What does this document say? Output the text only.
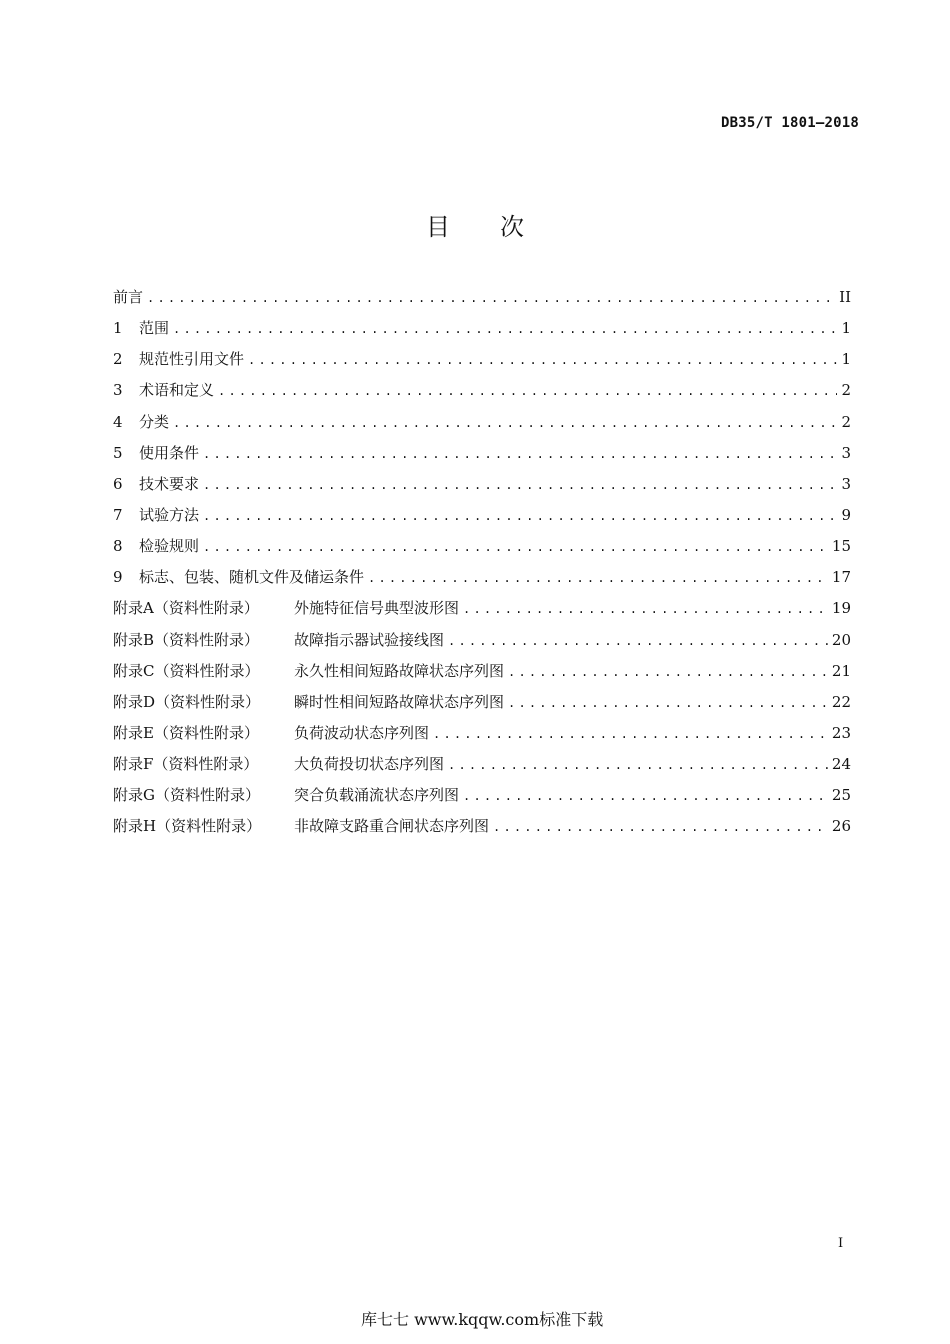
DB35/T 1801—2018
目次
前言 .....	II
1	范围 .....	1
2	规范性引用文件 .....	1
3	术语和定义 .....	2
4	分类 .....	2
5	使用条件 .....	3
6	技术要求 .....	3
7	试验方法 .....	9
8	检验规则 .....	15
9	标志、包装、随机文件及储运条件 .....	17
附录A（资料性附录）	外施特征信号典型波形图 .....	19
附录B（资料性附录）	故障指示器试验接线图 .....	20
附录C（资料性附录）	永久性相间短路故障状态序列图 .....	21
附录D（资料性附录）	瞬时性相间短路故障状态序列图 .....	22
附录E（资料性附录）	负荷波动状态序列图 .....	23
附录F（资料性附录）	大负荷投切状态序列图 .....	24
附录G（资料性附录）	突合负载涌流状态序列图 .....	25
附录H（资料性附录）	非故障支路重合闸状态序列图 .....	26
I
库七七 www.kqqw.com标准下载
